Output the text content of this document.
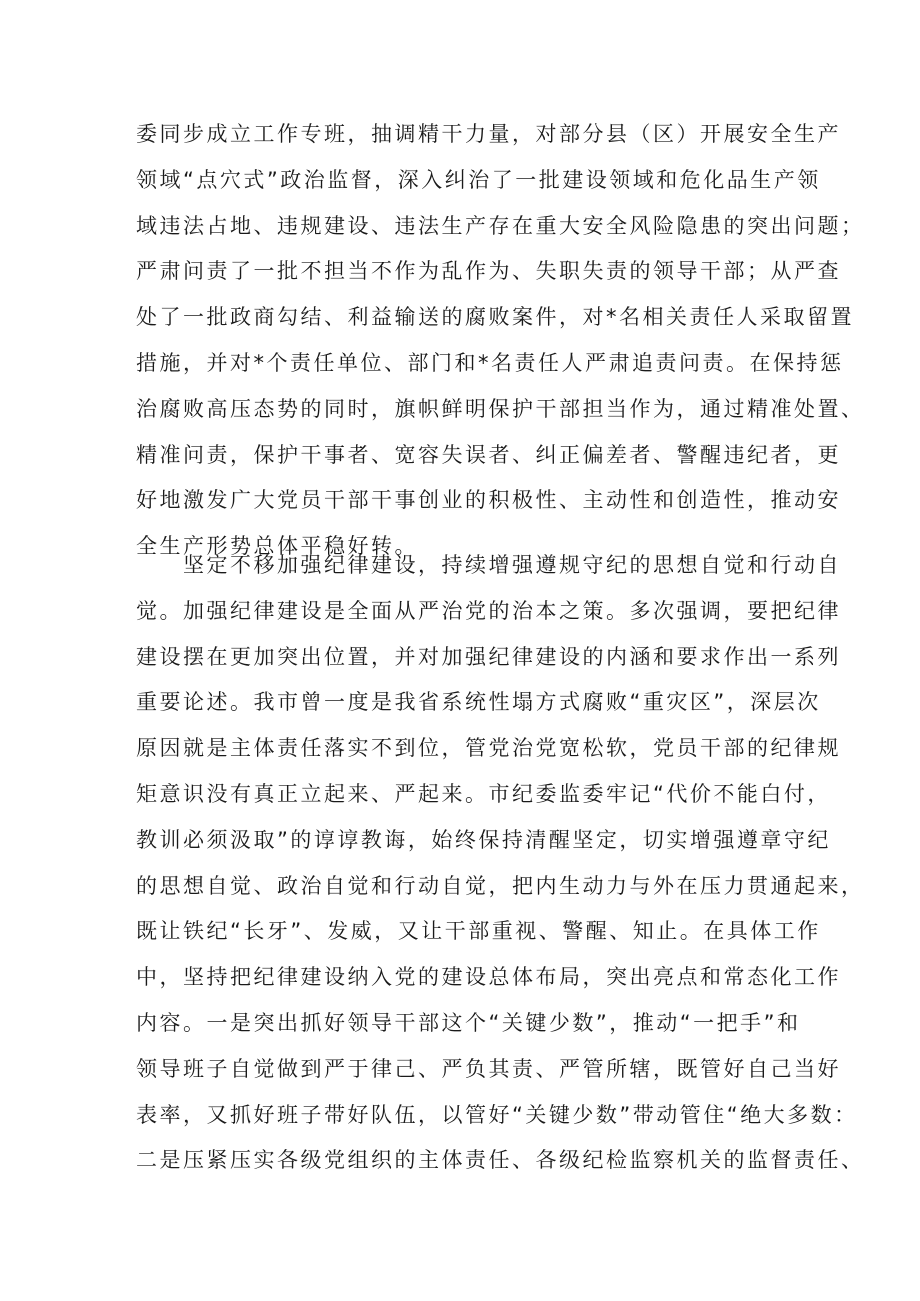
委同步成立工作专班，抽调精干力量，对部分县（区）开展安全生产
领域“点穴式”政治监督，深入纠治了一批建设领域和危化品生产领
域违法占地、违规建设、违法生产存在重大安全风险隐患的突出问题；
严肃问责了一批不担当不作为乱作为、失职失责的领导干部；从严查
处了一批政商勾结、利益输送的腐败案件，对*名相关责任人采取留置
措施，并对*个责任单位、部门和*名责任人严肃追责问责。在保持惩
治腐败高压态势的同时，旗帜鲜明保护干部担当作为，通过精准处置、
精准问责，保护干事者、宽容失误者、纠正偏差者、警醒违纪者，更
好地激发广大党员干部干事创业的积极性、主动性和创造性，推动安
全生产形势总体平稳好转。
　　坚定不移加强纪律建设，持续增强遵规守纪的思想自觉和行动自
觉。加强纪律建设是全面从严治党的治本之策。多次强调，要把纪律
建设摆在更加突出位置，并对加强纪律建设的内涵和要求作出一系列
重要论述。我市曾一度是我省系统性塌方式腐败“重灾区”，深层次
原因就是主体责任落实不到位，管党治党宽松软，党员干部的纪律规
矩意识没有真正立起来、严起来。市纪委监委牢记“代价不能白付，
教训必须汲取”的谆谆教诲，始终保持清醒坚定，切实增强遵章守纪
的思想自觉、政治自觉和行动自觉，把内生动力与外在压力贯通起来，
既让铁纪“长牙”、发威，又让干部重视、警醒、知止。在具体工作
中，坚持把纪律建设纳入党的建设总体布局，突出亮点和常态化工作
内容。一是突出抓好领导干部这个“关键少数”，推动“一把手”和
领导班子自觉做到严于律己、严负其责、严管所辖，既管好自己当好
表率，又抓好班子带好队伍，以管好“关键少数”带动管住“绝大多数：
二是压紧压实各级党组织的主体责任、各级纪检监察机关的监督责任、
